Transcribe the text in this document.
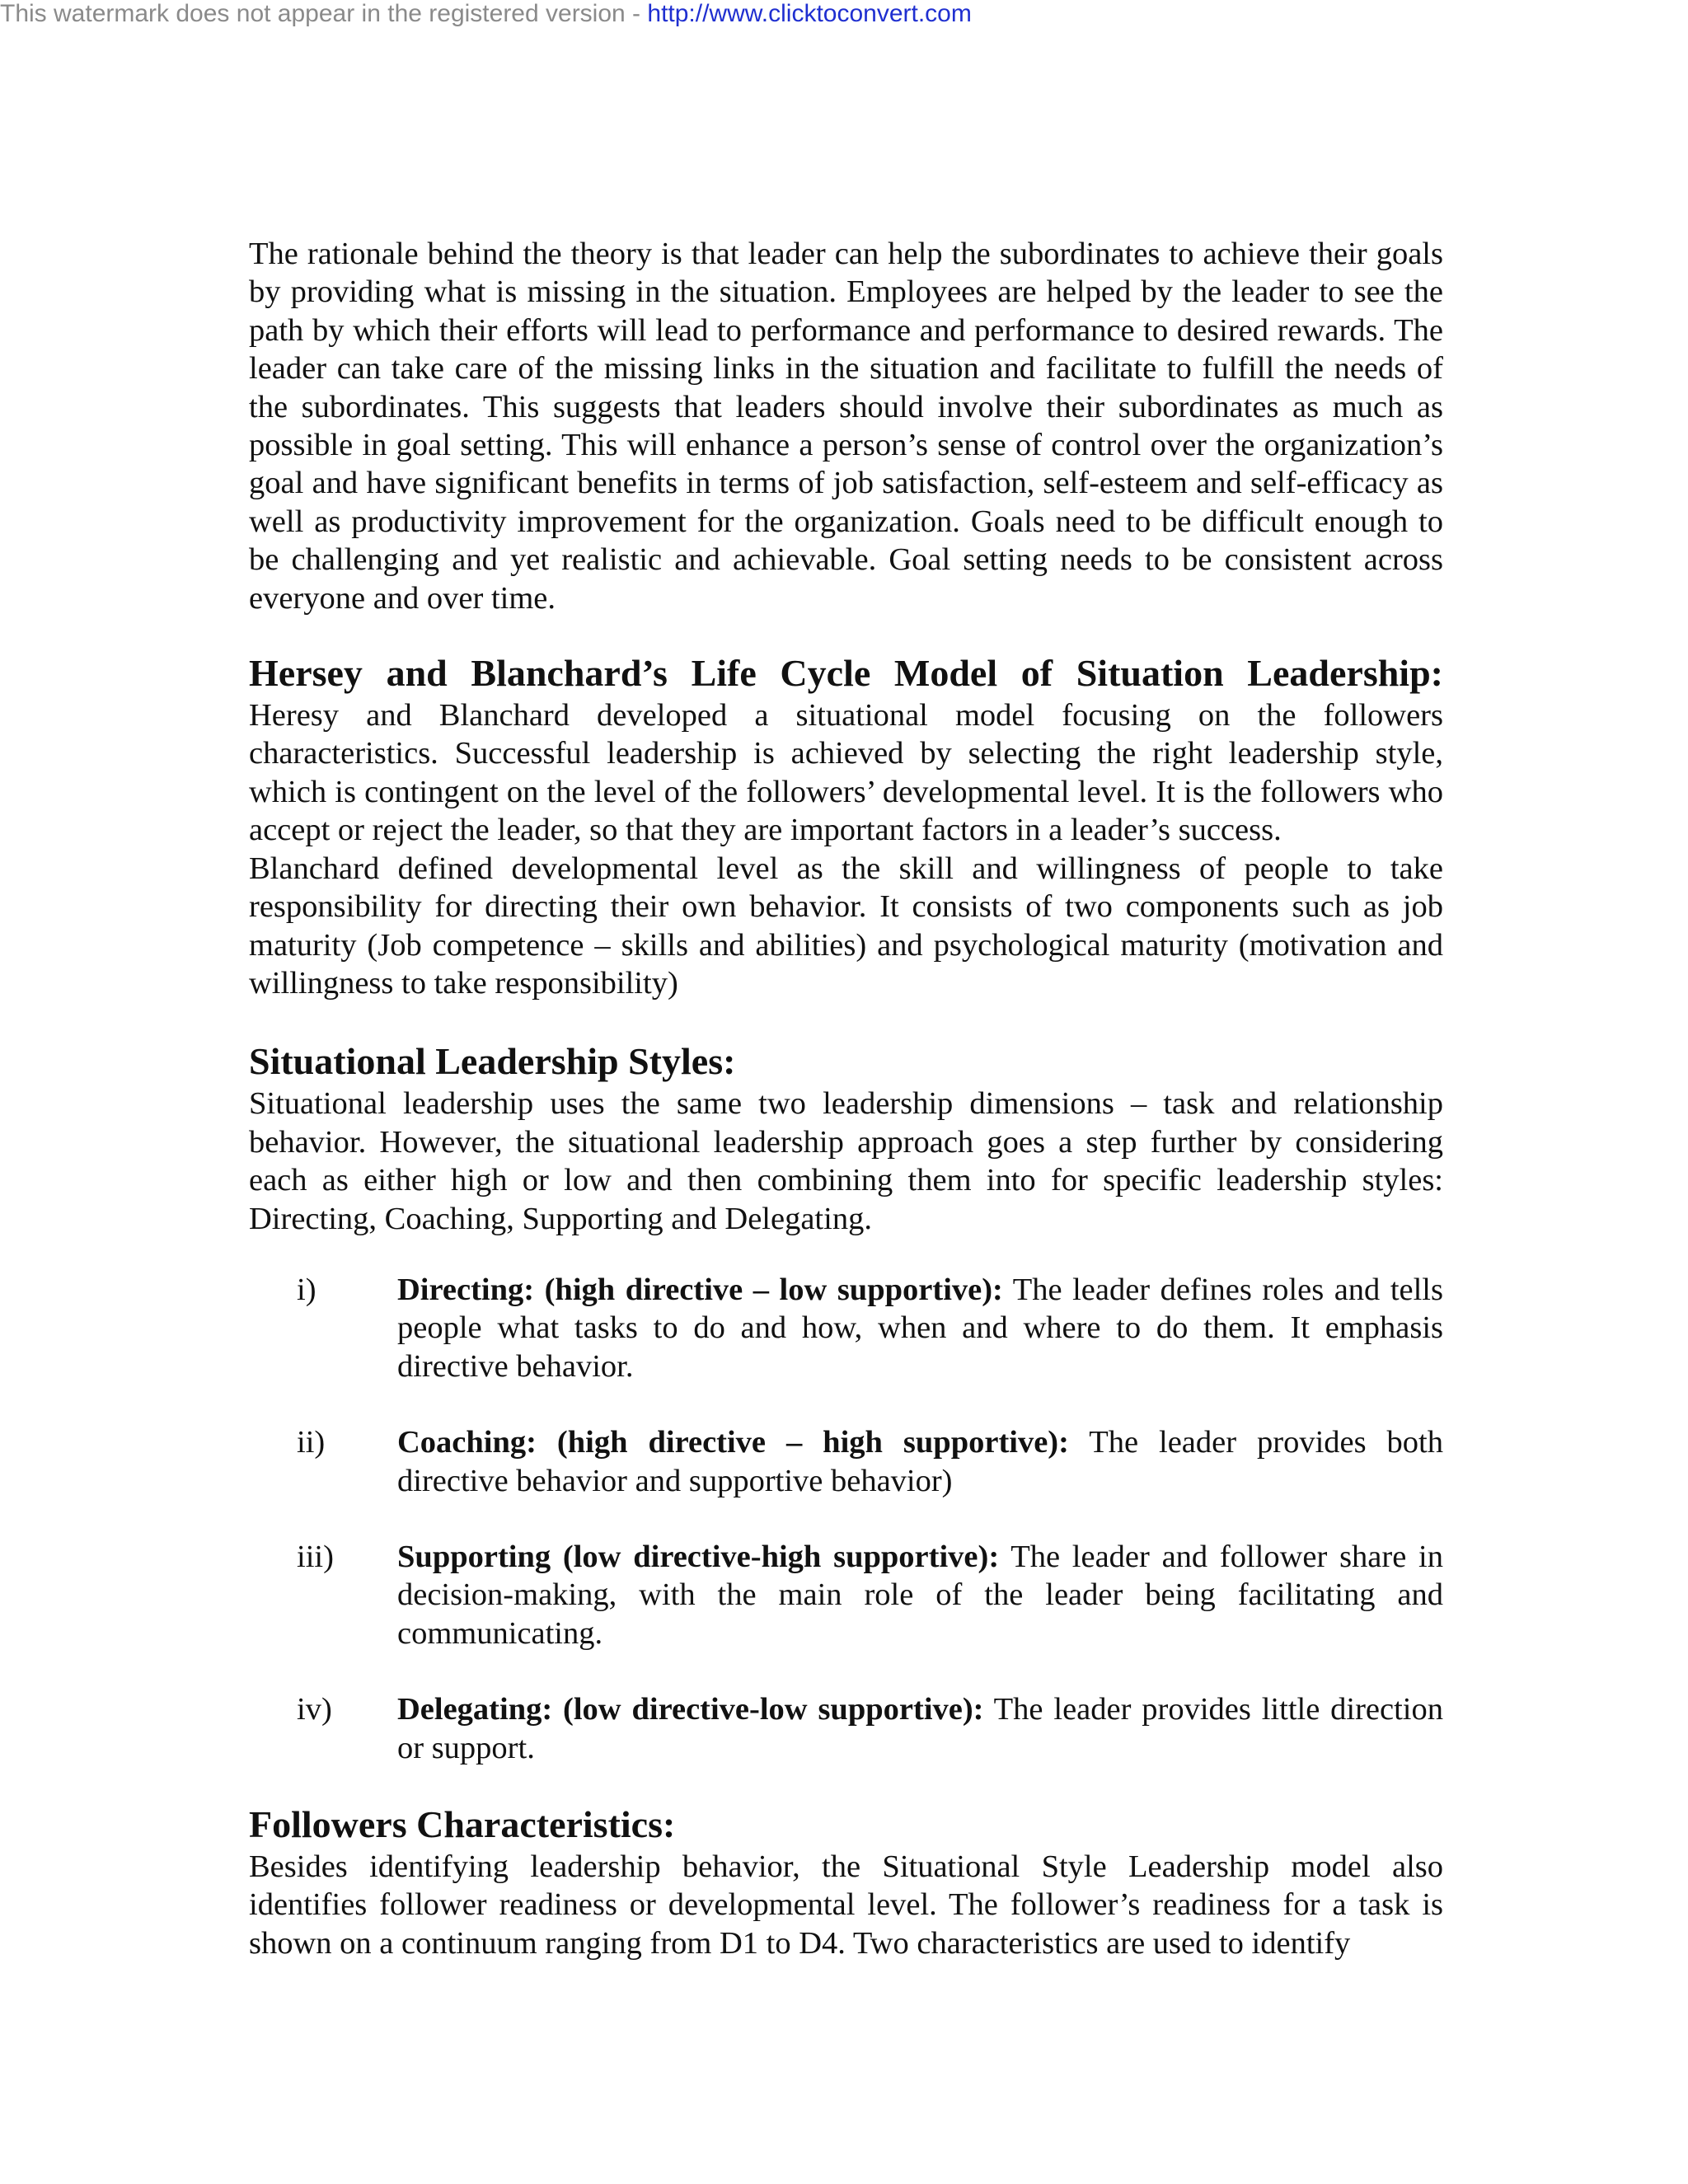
This watermark does not appear in the registered version - http://www.clicktoconvert.com

The rationale behind the theory is that leader can help the subordinates to achieve their goals by providing what is missing in the situation. Employees are helped by the leader to see the path by which their efforts will lead to performance and performance to desired rewards. The leader can take care of the missing links in the situation and facilitate to fulfill the needs of the subordinates. This suggests that leaders should involve their subordinates as much as possible in goal setting. This will enhance a person’s sense of control over the organization’s goal and have significant benefits in terms of job satisfaction, self-esteem and self-efficacy as well as productivity improvement for the organization. Goals need to be difficult enough to be challenging and yet realistic and achievable. Goal setting needs to be consistent across everyone and over time.

Hersey and Blanchard’s Life Cycle Model of Situation Leadership:

Heresy and Blanchard developed a situational model focusing on the followers characteristics. Successful leadership is achieved by selecting the right leadership style, which is contingent on the level of the followers’ developmental level. It is the followers who accept or reject the leader, so that they are important factors in a leader’s success.

Blanchard defined developmental level as the skill and willingness of people to take responsibility for directing their own behavior. It consists of two components such as job maturity (Job competence – skills and abilities) and psychological maturity (motivation and willingness to take responsibility)

Situational Leadership Styles:

Situational leadership uses the same two leadership dimensions – task and relationship behavior. However, the situational leadership approach goes a step further by considering each as either high or low and then combining them into for specific leadership styles: Directing, Coaching, Supporting and Delegating.

i)	Directing: (high directive – low supportive): The leader defines roles and tells people what tasks to do and how, when and where to do them. It emphasis directive behavior.
ii)	Coaching: (high directive – high supportive): The leader provides both directive behavior and supportive behavior)
iii)	Supporting (low directive-high supportive): The leader and follower share in decision-making, with the main role of the leader being facilitating and communicating.
iv)	Delegating: (low directive-low supportive): The leader provides little direction or support.
Followers Characteristics:

Besides identifying leadership behavior, the Situational Style Leadership model also identifies follower readiness or developmental level. The follower’s readiness for a task is shown on a continuum ranging from D1 to D4. Two characteristics are used to identify
